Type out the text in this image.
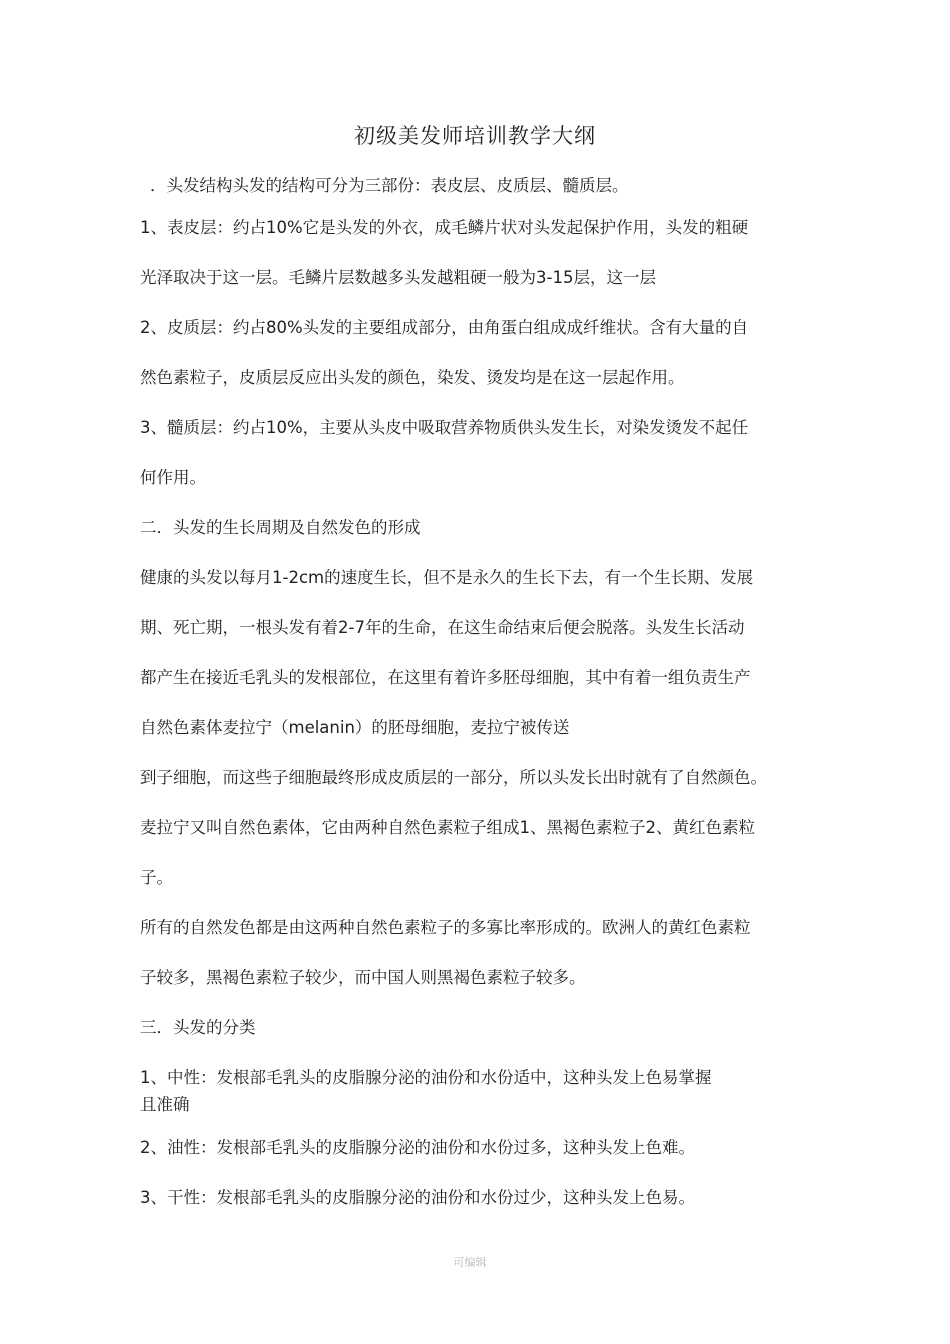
初级美发师培训教学大纲
．头发结构头发的结构可分为三部份：表皮层、皮质层、髓质层。
1、表皮层：约占10%它是头发的外衣，成毛鳞片状对头发起保护作用，头发的粗硬
光泽取决于这一层。毛鳞片层数越多头发越粗硬一般为3-15层，这一层
2、皮质层：约占80%头发的主要组成部分，由角蛋白组成成纤维状。含有大量的自
然色素粒子，皮质层反应出头发的颜色，染发、烫发均是在这一层起作用。
3、髓质层：约占10%，主要从头皮中吸取营养物质供头发生长，对染发烫发不起任
何作用。
二．头发的生长周期及自然发色的形成
健康的头发以每月1-2cm的速度生长，但不是永久的生长下去，有一个生长期、发展
期、死亡期，一根头发有着2-7年的生命，在这生命结束后便会脱落。头发生长活动
都产生在接近毛乳头的发根部位，在这里有着许多胚母细胞，其中有着一组负责生产
自然色素体麦拉宁（melanin）的胚母细胞，麦拉宁被传送
到子细胞，而这些子细胞最终形成皮质层的一部分，所以头发长出时就有了自然颜色。
麦拉宁又叫自然色素体，它由两种自然色素粒子组成1、黑褐色素粒子2、黄红色素粒
子。
所有的自然发色都是由这两种自然色素粒子的多寡比率形成的。欧洲人的黄红色素粒
子较多，黑褐色素粒子较少，而中国人则黑褐色素粒子较多。
三．头发的分类
1、中性：发根部毛乳头的皮脂腺分泌的油份和水份适中，这种头发上色易掌握
且准确
2、油性：发根部毛乳头的皮脂腺分泌的油份和水份过多，这种头发上色难。
3、干性：发根部毛乳头的皮脂腺分泌的油份和水份过少，这种头发上色易。
可编辑
